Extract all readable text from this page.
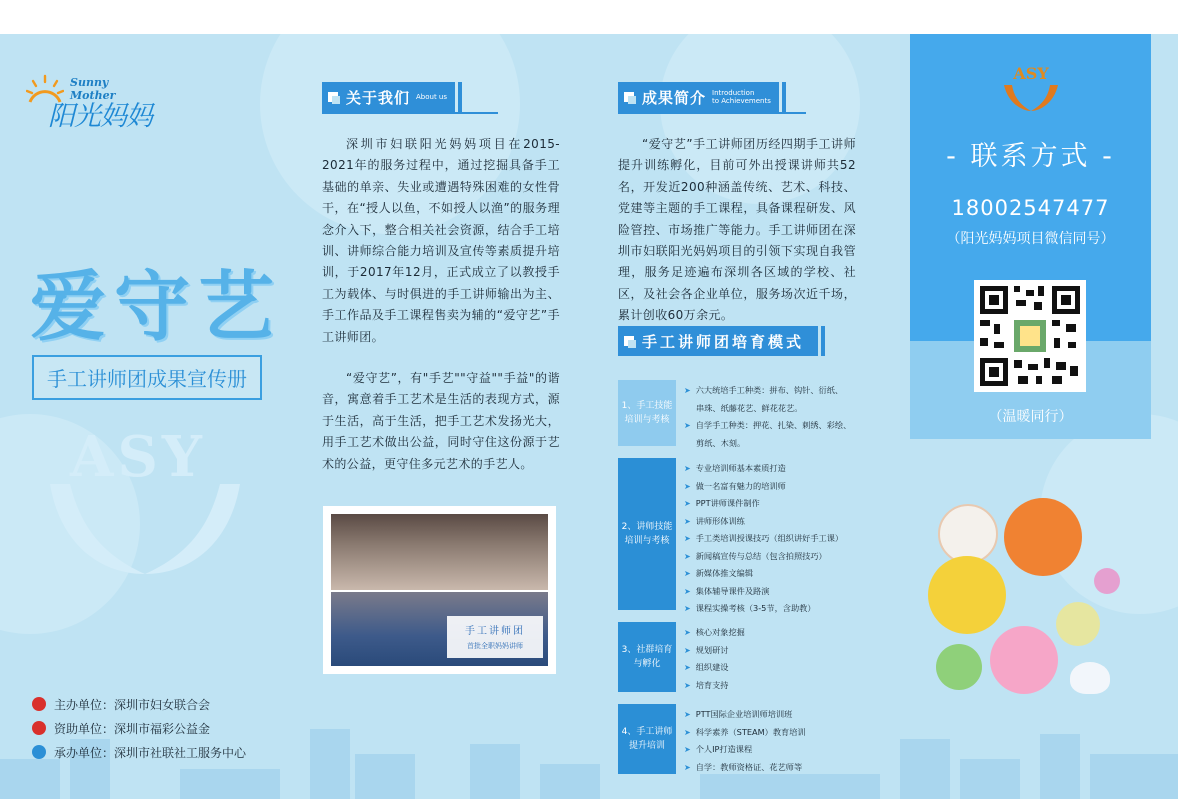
Sunny Mother
阳光妈妈
爱守艺
手工讲师团成果宣传册
ASY
主办单位：深圳市妇女联合会
资助单位：深圳市福彩公益金
承办单位：深圳市社联社工服务中心
关于我们 About us
深圳市妇联阳光妈妈项目在2015-2021年的服务过程中，通过挖掘具备手工基础的单亲、失业或遭遇特殊困难的女性骨干，在“授人以鱼，不如授人以渔”的服务理念介入下，整合相关社会资源，结合手工培训、讲师综合能力培训及宣传等素质提升培训，于2017年12月，正式成立了以教授手工为载体、与时俱进的手工讲师输出为主、手工作品及手工课程售卖为辅的“爱守艺”手工讲师团。
“爱守艺”，有"手艺""守益""手益"的谐音，寓意着手工艺术是生活的表现方式，源于生活，高于生活，把手工艺术发扬光大，用手工艺术做出公益，同时守住这份源于艺术的公益，更守住多元艺术的手艺人。
手工讲师团
首批全职妈妈讲师
成果简介 Introduction
to Achievements
“爱守艺”手工讲师团历经四期手工讲师提升训练孵化，目前可外出授课讲师共52名，开发近200种涵盖传统、艺术、科技、党建等主题的手工课程，具备课程研发、风险管控、市场推广等能力。手工讲师团在深圳市妇联阳光妈妈项目的引领下实现自我管理，服务足迹遍布深圳各区域的学校、社区，及社会各企业单位，服务场次近千场，累计创收60万余元。
手工讲师团培育模式
1、手工技能培训与考核
➤ 六大统培手工种类：拼布、钩针、衍纸、
串珠、纸藤花艺、鲜花花艺。
➤ 自学手工种类：押花、扎染、刺绣、彩绘、
剪纸、木刻。
2、讲师技能培训与考核
➤ 专业培训师基本素质打造
➤ 做一名富有魅力的培训师
➤ PPT讲师课件制作
➤ 讲师形体训练
➤ 手工类培训授课技巧（组织讲好手工课）
➤ 新闻稿宣传与总结（包含拍照技巧）
➤ 新媒体推文编辑
➤ 集体辅导课件及路演
➤ 课程实操考核（3-5节，含助教）
3、社群培育与孵化
➤ 核心对象挖掘
➤ 规划研讨
➤ 组织建设
➤ 培育支持
4、手工讲师提升培训
➤ PTT国际企业培训师培训班
➤ 科学素养（STEAM）教育培训
➤ 个人IP打造课程
➤ 自学：教师资格证、花艺师等
ASY
- 联系方式 -
18002547477
（阳光妈妈项目微信同号）
（温暖同行）
